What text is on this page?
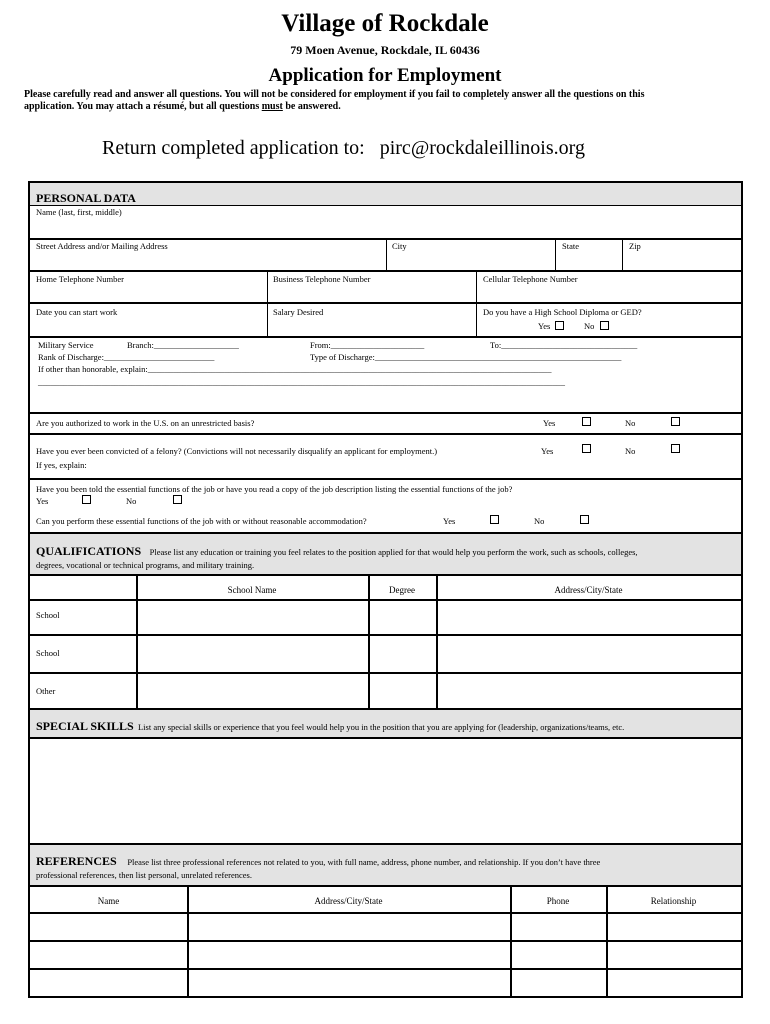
Village of Rockdale
79 Moen Avenue, Rockdale, IL 60436
Application for Employment
Please carefully read and answer all questions. You will not be considered for employment if you fail to completely answer all the questions on this
application. You may attach a résumé, but all questions must be answered.
Return completed application to: pirc@rockdaleillinois.org
PERSONAL DATA
Name (last, first, middle)
Street Address and/or Mailing Address	City	State	Zip
Home Telephone Number	Business Telephone Number	Cellular Telephone Number
Date you can start work	Salary Desired	Do you have a High School Diploma or GED?
Yes	No
Military Service	Branch:____________________	From:______________________	To:________________________________
Rank of Discharge:__________________________	Type of Discharge:__________________________________________________________
If other than honorable, explain:_______________________________________________________________________________________________
____________________________________________________________________________________________________________________________
Are you authorized to work in the U.S. on an unrestricted basis?	Yes	No
Have you ever been convicted of a felony? (Convictions will not necessarily disqualify an applicant for employment.)	Yes	No
If yes, explain:
Have you been told the essential functions of the job or have you read a copy of the job description listing the essential functions of the job?
Yes	No
Can you perform these essential functions of the job with or without reasonable accommodation?	Yes	No
QUALIFICATIONS Please list any education or training you feel relates to the position applied for that would help you perform the work, such as schools, colleges,
degrees, vocational or technical programs, and military training.
School Name	Degree	Address/City/State
School
School
Other
SPECIAL SKILLS List any special skills or experience that you feel would help you in the position that you are applying for (leadership, organizations/teams, etc.
REFERENCES Please list three professional references not related to you, with full name, address, phone number, and relationship. If you don’t have three
professional references, then list personal, unrelated references.
Name	Address/City/State	Phone	Relationship
